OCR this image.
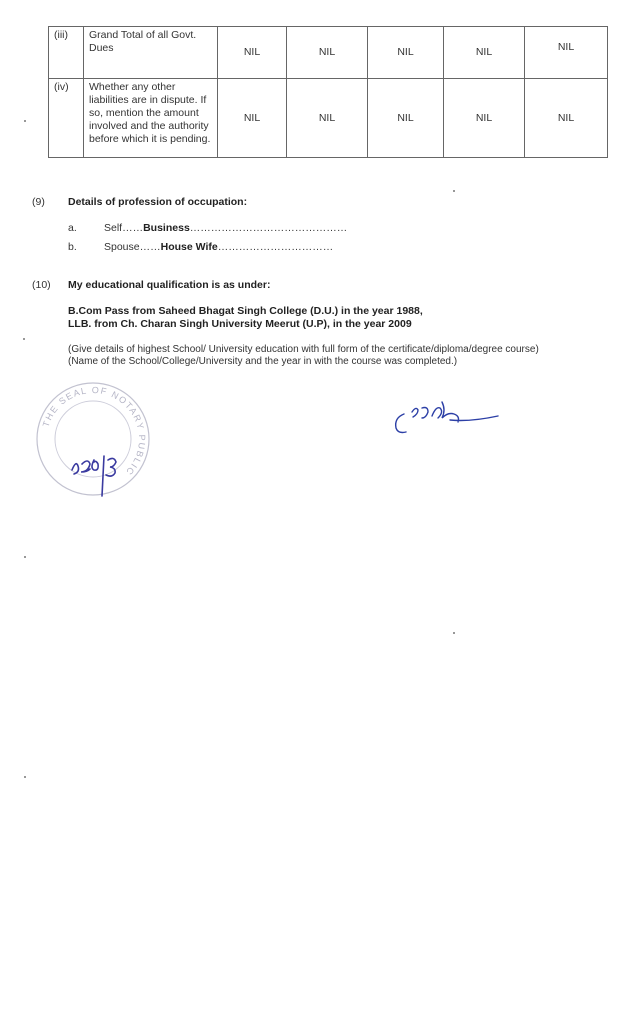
(iii)	Grand Total of all Govt. Dues	NIL	NIL	NIL	NIL	NIL
(iv)	Whether any other liabilities are in dispute. If so, mention the amount involved and the authority before which it is pending.	NIL	NIL	NIL	NIL	NIL
(9) Details of profession of occupation:
a.	Self……Business………………………………………
b.	Spouse……House Wife……………………………
(10) My educational qualification is as under:
B.Com Pass from Saheed Bhagat Singh College (D.U.) in the year 1988,
LLB. from Ch. Charan Singh University Meerut (U.P), in the year 2009
(Give details of highest School/ University education with full form of the certificate/diploma/degree course)
(Name of the School/College/University and the year in with the course was completed.)
THE SEAL OF NOTARY PUBLIC
